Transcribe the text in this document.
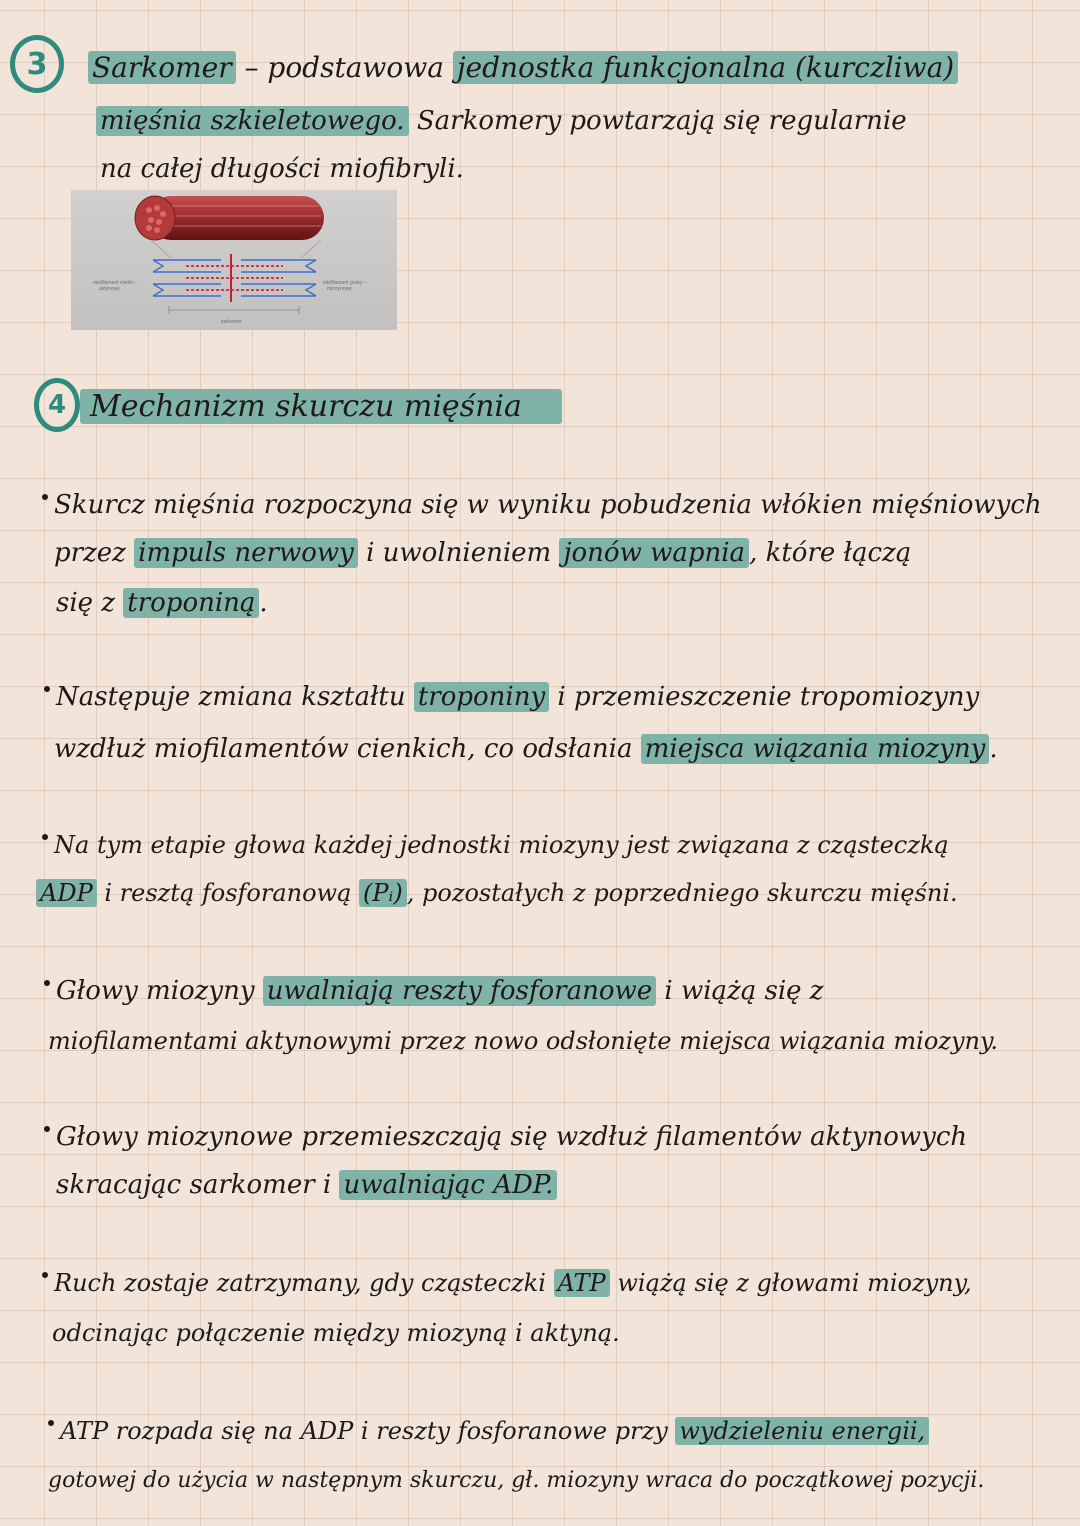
3 Sarkomer – podstawowa jednostka funkcjonalna (kurczliwa)
mięśnia szkieletowego. Sarkomery powtarzają się regularnie
na całej długości miofibryli.
miofilament cienki –
aktynowy
miofilament gruby –
miozynowy
sarkomer
4 Mechanizm skurczu mięśnia
Skurcz mięśnia rozpoczyna się w wyniku pobudzenia włókien mięśniowych
przez impuls nerwowy i uwolnieniem jonów wapnia , które łączą
się z troponiną .
Następuje zmiana kształtu troponiny i przemieszczenie tropomiozyny
wzdłuż miofilamentów cienkich, co odsłania miejsca wiązania miozyny .
Na tym etapie głowa każdej jednostki miozyny jest związana z cząsteczką
ADP i resztą fosforanową (Pᵢ) , pozostałych z poprzedniego skurczu mięśni.
Głowy miozyny uwalniają reszty fosforanowe i wiążą się z
miofilamentami aktynowymi przez nowo odsłonięte miejsca wiązania miozyny.
Głowy miozynowe przemieszczają się wzdłuż filamentów aktynowych
skracając sarkomer i uwalniając ADP.
Ruch zostaje zatrzymany, gdy cząsteczki ATP wiążą się z głowami miozyny,
odcinając połączenie między miozyną i aktyną.
ATP rozpada się na ADP i reszty fosforanowe przy wydzieleniu energii,
gotowej do użycia w następnym skurczu, gł. miozyny wraca do początkowej pozycji.
